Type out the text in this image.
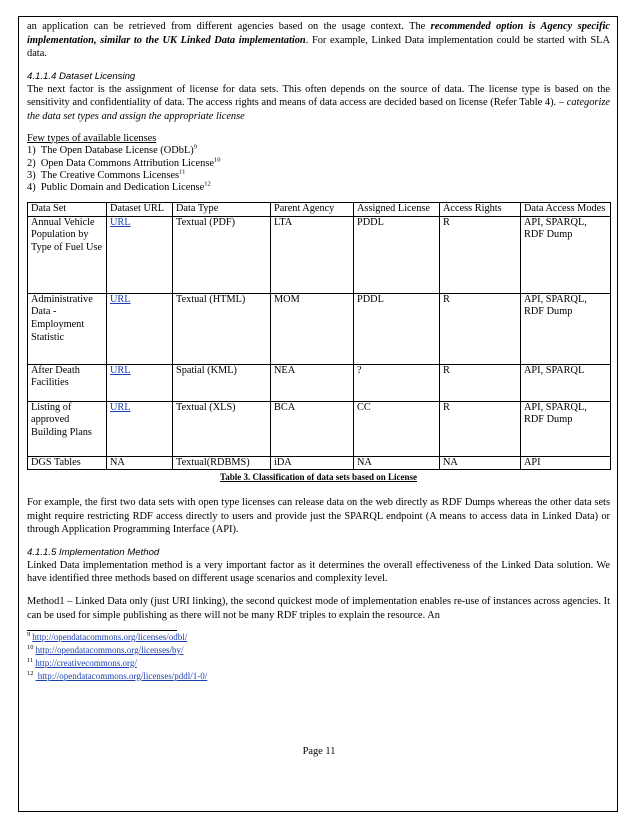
an application can be retrieved from different agencies based on the usage context. The recommended option is Agency specific implementation, similar to the UK Linked Data implementation. For example, Linked Data implementation could be started with SLA data.

4.1.1.4 Dataset Licensing

The next factor is the assignment of license for data sets. This often depends on the source of data. The license type is based on the sensitivity and confidentiality of data. The access rights and means of data access are decided based on license (Refer Table 4). – categorize the data set types and assign the appropriate license

Few types of available licenses
1) The Open Database License (ODbL)$^9$
2) Open Data Commons Attribution License$^{10}$
3) The Creative Commons Licenses$^{11}$
4) Public Domain and Dedication License$^{12}$
Data Set	Dataset URL	Data Type	Parent Agency	Assigned License	Access Rights	Data Access Modes
Annual Vehicle Population by Type of Fuel Use	URL	Textual (PDF)	LTA	PDDL	R	API, SPARQL, RDF Dump
Administrative Data - Employment Statistic	URL	Textual (HTML)	MOM	PDDL	R	API, SPARQL, RDF Dump
After Death Facilities	URL	Spatial (KML)	NEA	?	R	API, SPARQL
Listing of approved Building Plans	URL	Textual (XLS)	BCA	CC	R	API, SPARQL, RDF Dump
DGS Tables	NA	Textual(RDBMS)	iDA	NA	NA	API
Table 3. Classification of data sets based on License

For example, the first two data sets with open type licenses can release data on the web directly as RDF Dumps whereas the other data sets might require restricting RDF access directly to users and provide just the SPARQL endpoint (A means to access data in Linked Data) or through Application Programming Interface (API).

4.1.1.5 Implementation Method

Linked Data implementation method is a very important factor as it determines the overall effectiveness of the Linked Data solution. We have identified three methods based on different usage scenarios and complexity level.

Method1 – Linked Data only (just URI linking), the second quickest mode of implementation enables re-use of instances across agencies. It can be used for simple publishing as there will not be many RDF triples to explain the resource. An

$^9$ http://opendatacommons.org/licenses/odbl/
$^{10}$ http://opendatacommons.org/licenses/by/
$^{11}$ http://creativecommons.org/
$^{12}$ http://opendatacommons.org/licenses/pddl/1-0/
Page 11
